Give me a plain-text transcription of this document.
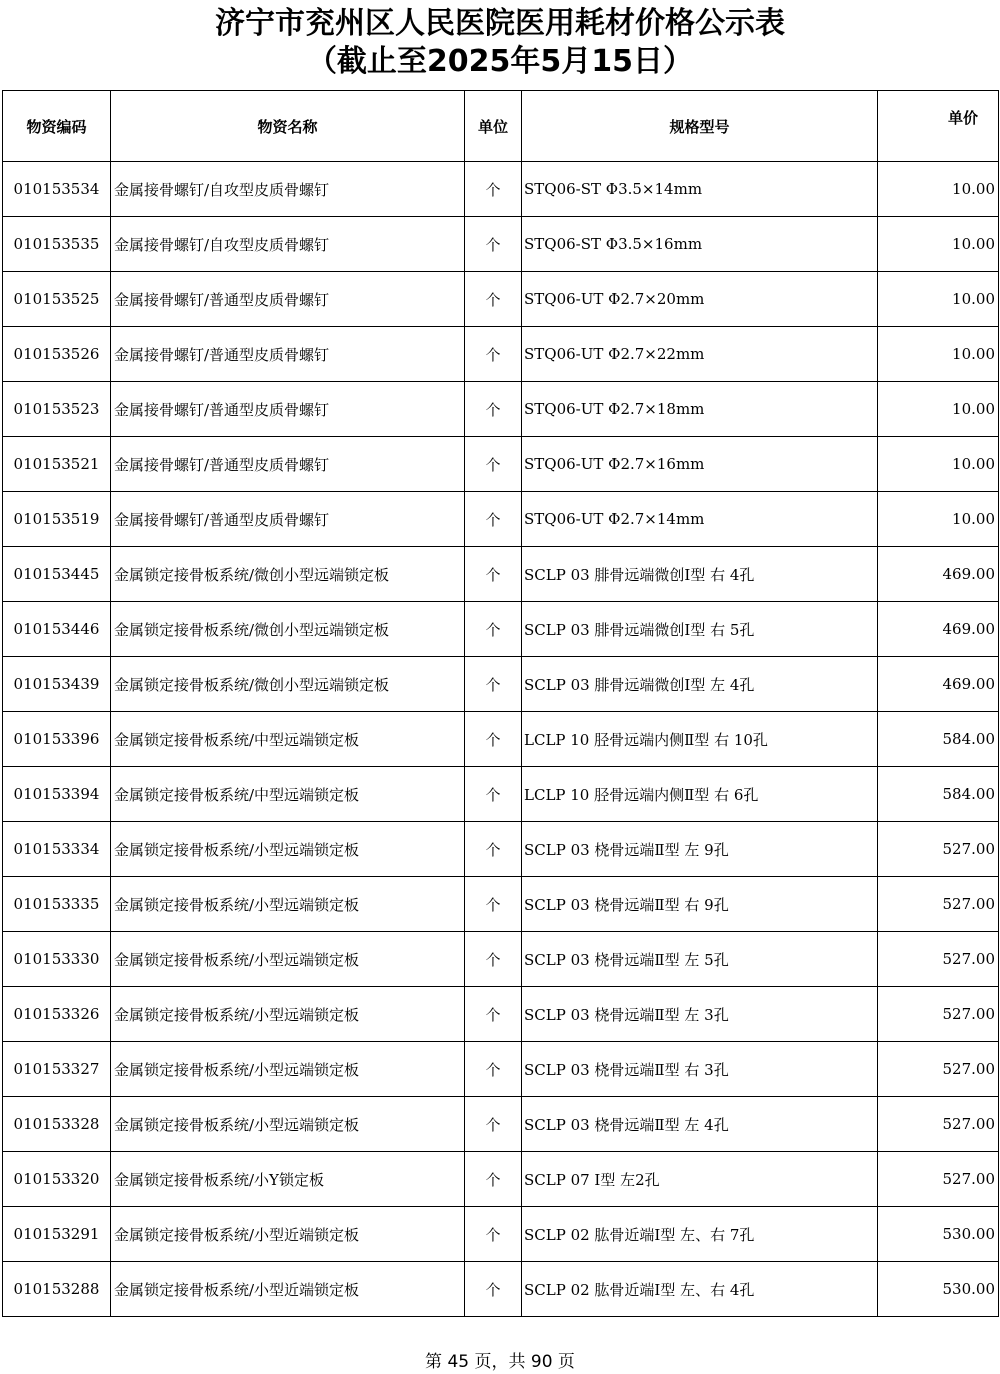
济宁市兖州区人民医院医用耗材价格公示表
（截止至2025年5月15日）
物资编码	物资名称	单位	规格型号	单价
010153534	金属接骨螺钉/自攻型皮质骨螺钉	个	STQ06-ST Φ3.5×14mm	10.00
010153535	金属接骨螺钉/自攻型皮质骨螺钉	个	STQ06-ST Φ3.5×16mm	10.00
010153525	金属接骨螺钉/普通型皮质骨螺钉	个	STQ06-UT Φ2.7×20mm	10.00
010153526	金属接骨螺钉/普通型皮质骨螺钉	个	STQ06-UT Φ2.7×22mm	10.00
010153523	金属接骨螺钉/普通型皮质骨螺钉	个	STQ06-UT Φ2.7×18mm	10.00
010153521	金属接骨螺钉/普通型皮质骨螺钉	个	STQ06-UT Φ2.7×16mm	10.00
010153519	金属接骨螺钉/普通型皮质骨螺钉	个	STQ06-UT Φ2.7×14mm	10.00
010153445	金属锁定接骨板系统/微创小型远端锁定板	个	SCLP 03 腓骨远端微创Ⅰ型 右 4孔	469.00
010153446	金属锁定接骨板系统/微创小型远端锁定板	个	SCLP 03 腓骨远端微创Ⅰ型 右 5孔	469.00
010153439	金属锁定接骨板系统/微创小型远端锁定板	个	SCLP 03 腓骨远端微创Ⅰ型 左 4孔	469.00
010153396	金属锁定接骨板系统/中型远端锁定板	个	LCLP 10 胫骨远端内侧Ⅱ型 右 10孔	584.00
010153394	金属锁定接骨板系统/中型远端锁定板	个	LCLP 10 胫骨远端内侧Ⅱ型 右 6孔	584.00
010153334	金属锁定接骨板系统/小型远端锁定板	个	SCLP 03 桡骨远端Ⅱ型 左 9孔	527.00
010153335	金属锁定接骨板系统/小型远端锁定板	个	SCLP 03 桡骨远端Ⅱ型 右 9孔	527.00
010153330	金属锁定接骨板系统/小型远端锁定板	个	SCLP 03 桡骨远端Ⅱ型 左 5孔	527.00
010153326	金属锁定接骨板系统/小型远端锁定板	个	SCLP 03 桡骨远端Ⅱ型 左 3孔	527.00
010153327	金属锁定接骨板系统/小型远端锁定板	个	SCLP 03 桡骨远端Ⅱ型 右 3孔	527.00
010153328	金属锁定接骨板系统/小型远端锁定板	个	SCLP 03 桡骨远端Ⅱ型 左 4孔	527.00
010153320	金属锁定接骨板系统/小Y锁定板	个	SCLP 07 Ⅰ型 左2孔	527.00
010153291	金属锁定接骨板系统/小型近端锁定板	个	SCLP 02 肱骨近端Ⅰ型 左、右 7孔	530.00
010153288	金属锁定接骨板系统/小型近端锁定板	个	SCLP 02 肱骨近端Ⅰ型 左、右 4孔	530.00
第 45 页，共 90 页
